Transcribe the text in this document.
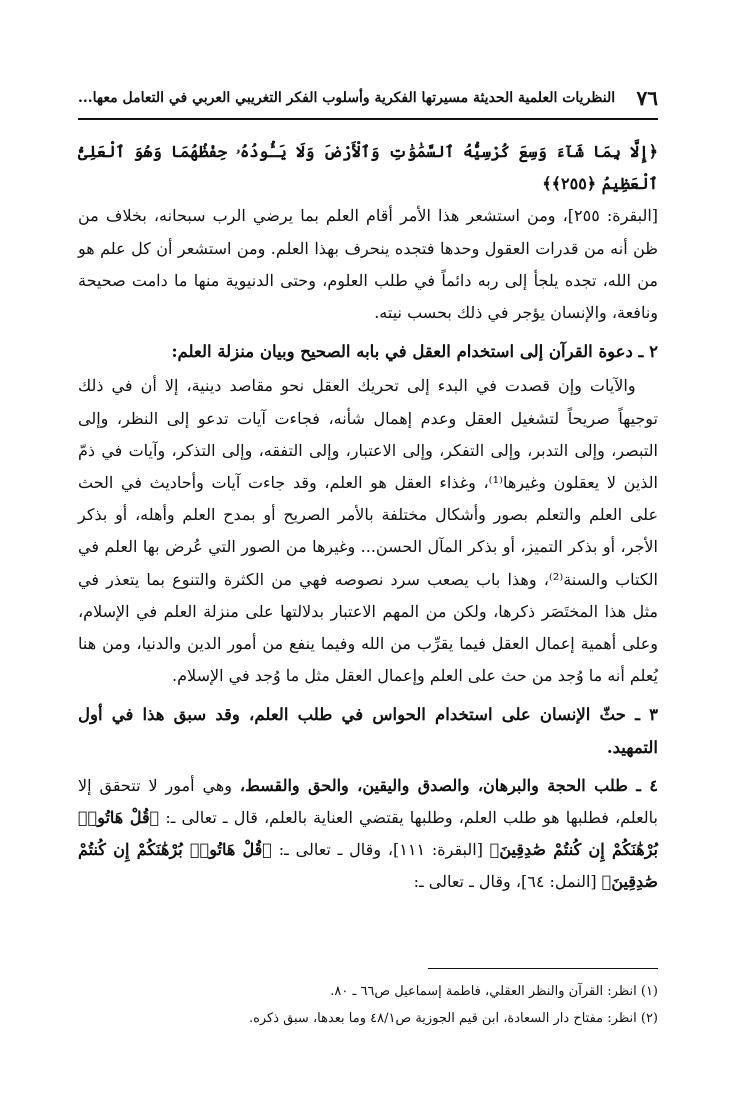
٧٦
النظريات العلمية الحديثة مسيرتها الفكرية وأسلوب الفكر التغريبي العربي في التعامل معها...

﴿إِلَّا بِمَا شَآءَ وَسِعَ كُرْسِيُّهُ ٱلسَّمَٰوَٰتِ وَٱلْأَرْضَ وَلَا يَـُٔودُهُۥ حِفْظُهُمَا وَهُوَ ٱلْعَلِىُّ ٱلْعَظِيمُ ﴿٢٥٥﴾﴾

[البقرة: ٢٥٥]، ومن استشعر هذا الأمر أقام العلم بما يرضي الرب سبحانه، بخلاف من ظن أنه من قدرات العقول وحدها فتجده ينحرف بهذا العلم. ومن استشعر أن كل علم هو من الله، تجده يلجأ إلى ربه دائماً في طلب العلوم، وحتى الدنيوية منها ما دامت صحيحة ونافعة، والإنسان يؤجر في ذلك بحسب نيته.

٢ ـ دعوة القرآن إلى استخدام العقل في بابه الصحيح وبيان منزلة العلم:

والآيات وإن قصدت في البدء إلى تحريك العقل نحو مقاصد دينية، إلا أن في ذلك توجيهاً صريحاً لتشغيل العقل وعدم إهمال شأنه، فجاءت آيات تدعو إلى النظر، وإلى التبصر، وإلى التدبر، وإلى التفكر، وإلى الاعتبار، وإلى التفقه، وإلى التذكر، وآيات في ذمّ الذين لا يعقلون وغيرها⁽¹⁾، وغذاء العقل هو العلم، وقد جاءت آيات وأحاديث في الحث على العلم والتعلم بصور وأشكال مختلفة بالأمر الصريح أو بمدح العلم وأهله، أو بذكر الأجر، أو بذكر التميز، أو بذكر المآل الحسن... وغيرها من الصور التي عُرض بها العلم في الكتاب والسنة⁽²⁾، وهذا باب يصعب سرد نصوصه فهي من الكثرة والتنوع بما يتعذر في مثل هذا المختَصَر ذكرها، ولكن من المهم الاعتبار بدلالتها على منزلة العلم في الإسلام، وعلى أهمية إعمال العقل فيما يقرِّب من الله وفيما ينفع من أمور الدين والدنيا، ومن هنا يُعلم أنه ما وُجد من حث على العلم وإعمال العقل مثل ما وُجد في الإسلام.

٣ ـ حثّ الإنسان على استخدام الحواس في طلب العلم، وقد سبق هذا في أول التمهيد.

٤ ـ طلب الحجة والبرهان، والصدق واليقين، والحق والقسط، وهي أمور لا تتحقق إلا بالعلم، فطلبها هو طلب العلم، وطلبها يقتضي العناية بالعلم، قال ـ تعالى ـ: ﴿قُلْ هَاتُوا۟ بُرْهَٰنَكُمْ إِن كُنتُمْ صَٰدِقِينَ﴾ [البقرة: ١١١]، وقال ـ تعالى ـ: ﴿قُلْ هَاتُوا۟ بُرْهَٰنَكُمْ إِن كُنتُمْ صَٰدِقِينَ﴾ [النمل: ٦٤]، وقال ـ تعالى ـ:

(١) انظر: القرآن والنظر العقلي، فاطمة إسماعيل ص٦٦ ـ ٨٠.

(٢) انظر: مفتاح دار السعادة، ابن قيم الجوزية ص٤٨/١ وما بعدها، سبق ذكره.
